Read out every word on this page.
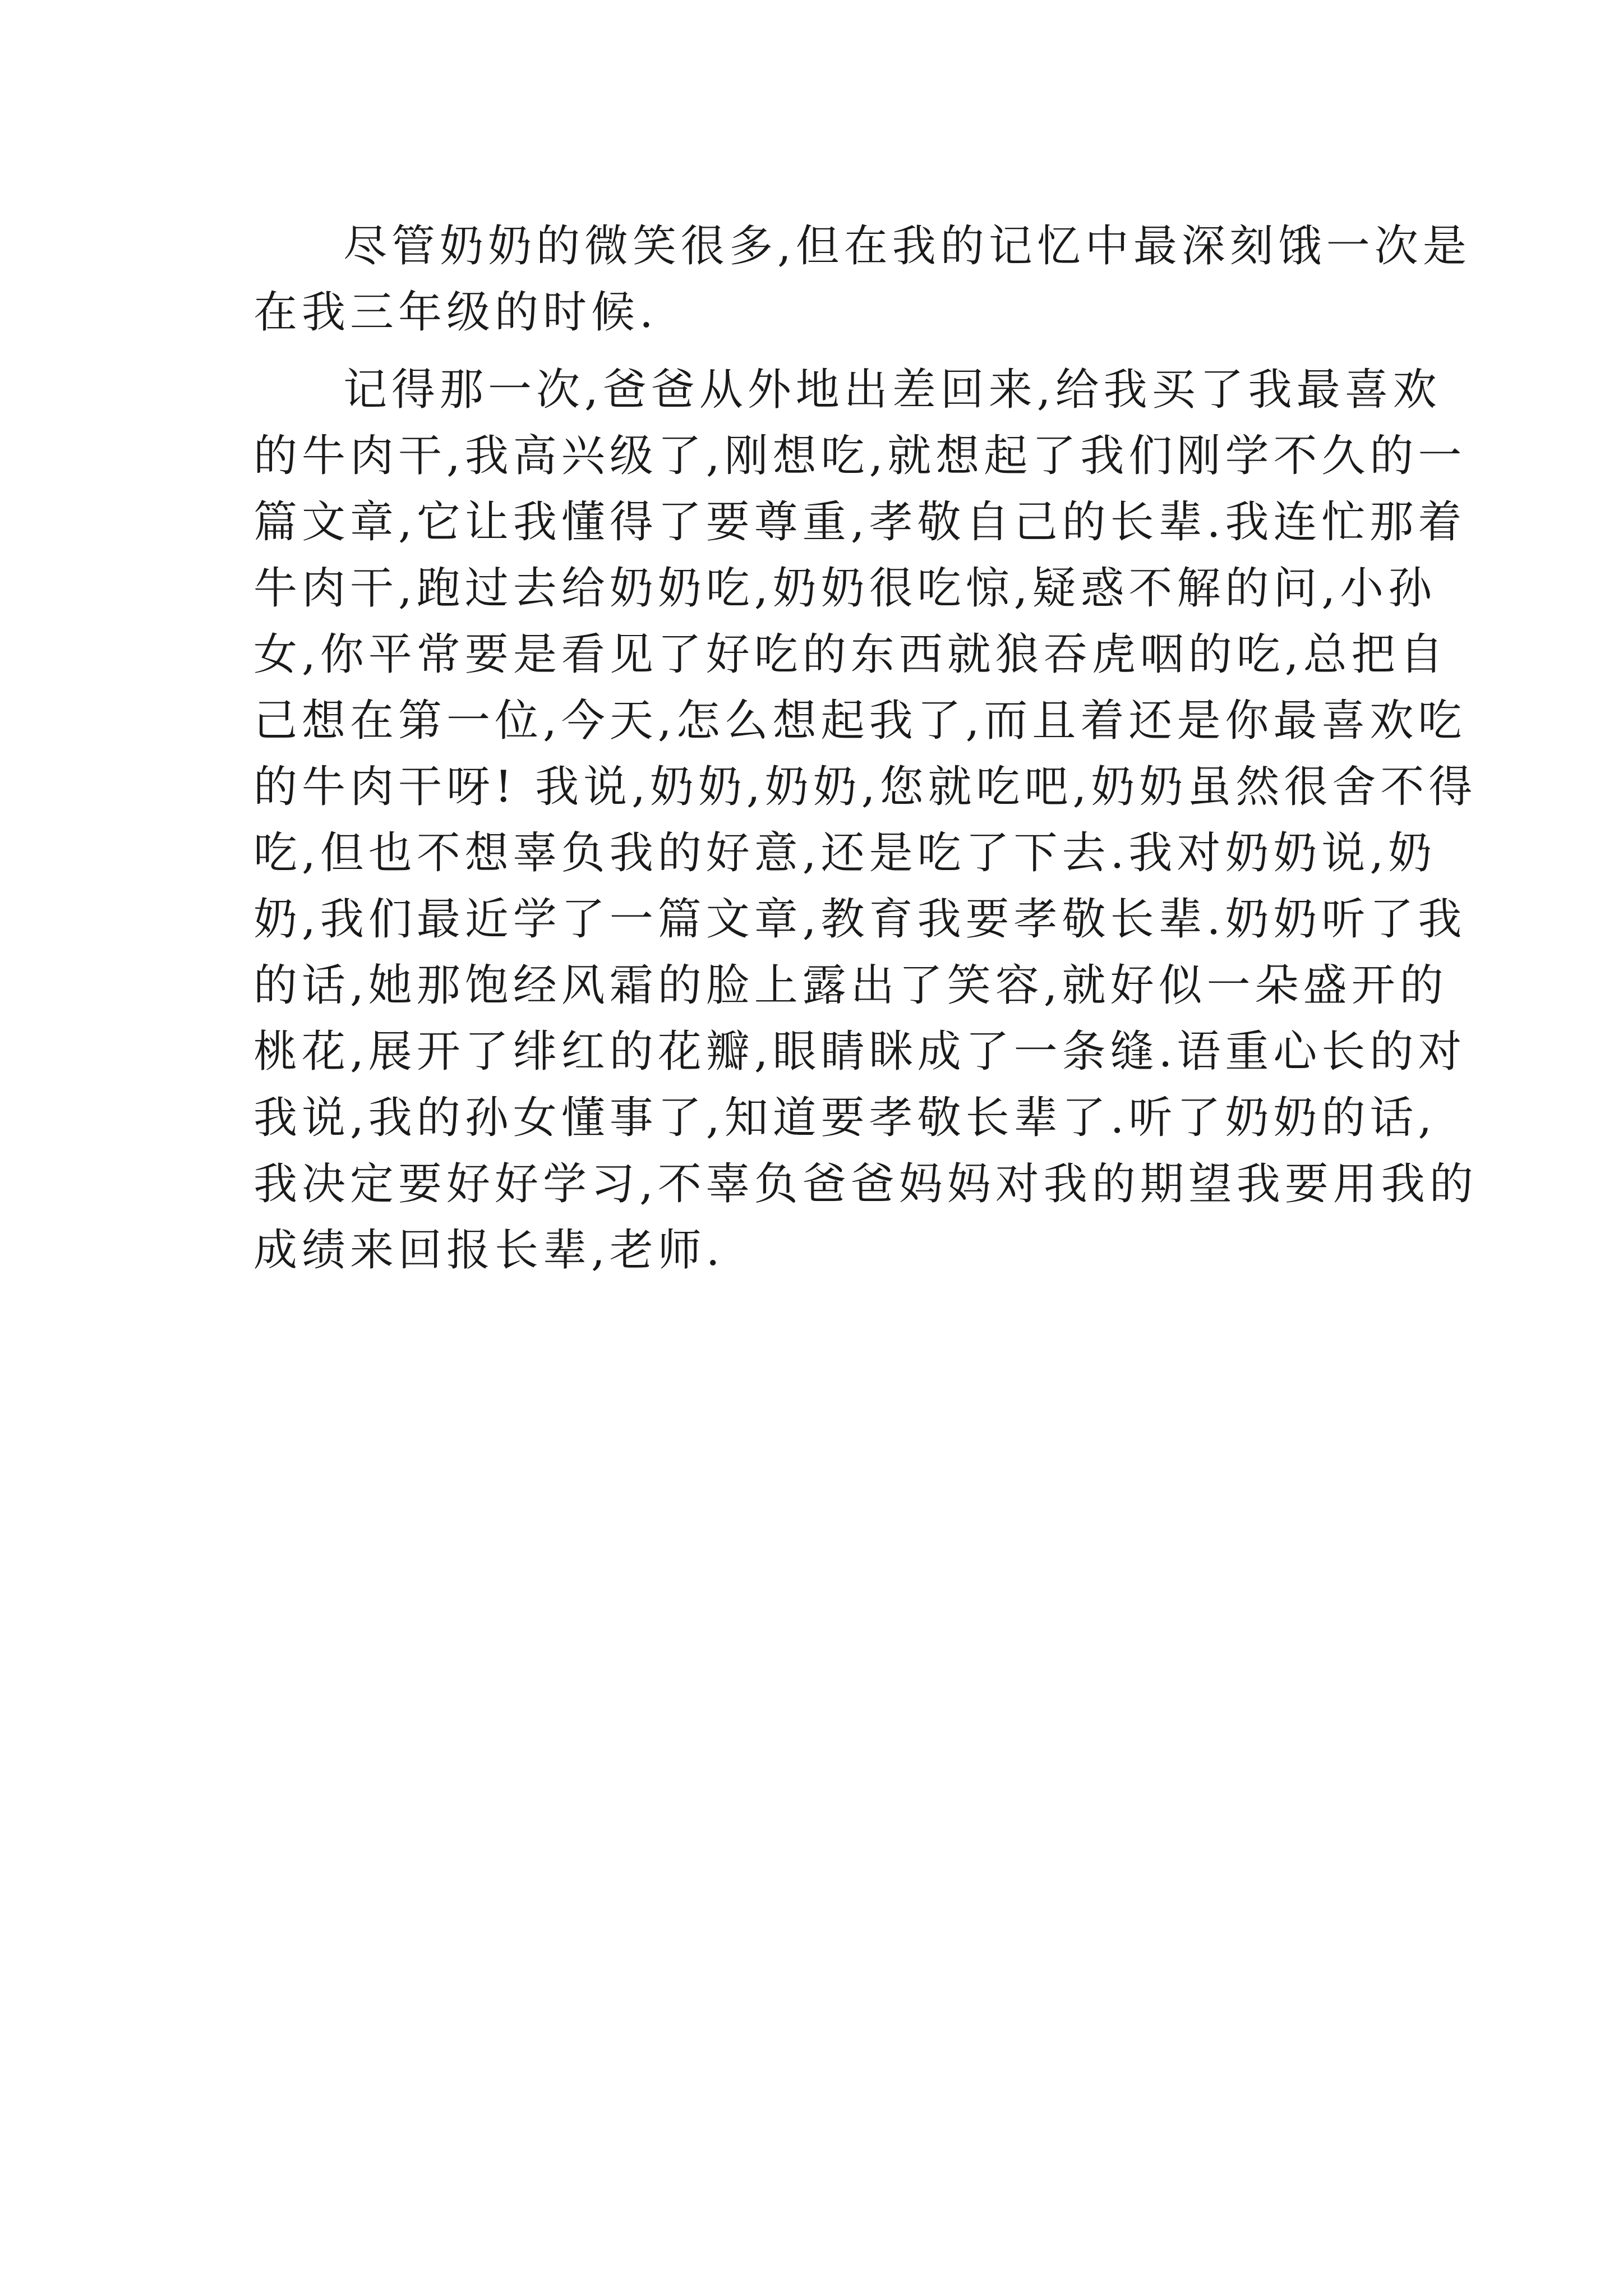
尽管奶奶的微笑很多,但在我的记忆中最深刻饿一次是
在我三年级的时候.
记得那一次,爸爸从外地出差回来,给我买了我最喜欢
的牛肉干,我高兴级了,刚想吃,就想起了我们刚学不久的一
篇文章,它让我懂得了要尊重,孝敬自己的长辈.我连忙那着
牛肉干,跑过去给奶奶吃,奶奶很吃惊,疑惑不解的问,小孙
女,你平常要是看见了好吃的东西就狼吞虎咽的吃,总把自
己想在第一位,今天,怎么想起我了,而且着还是你最喜欢吃
的牛肉干呀! 我说,奶奶,奶奶,您就吃吧,奶奶虽然很舍不得
吃,但也不想辜负我的好意,还是吃了下去.我对奶奶说,奶
奶,我们最近学了一篇文章,教育我要孝敬长辈.奶奶听了我
的话,她那饱经风霜的脸上露出了笑容,就好似一朵盛开的
桃花,展开了绯红的花瓣,眼睛眯成了一条缝.语重心长的对
我说,我的孙女懂事了,知道要孝敬长辈了.听了奶奶的话,
我决定要好好学习,不辜负爸爸妈妈对我的期望我要用我的
成绩来回报长辈,老师.
